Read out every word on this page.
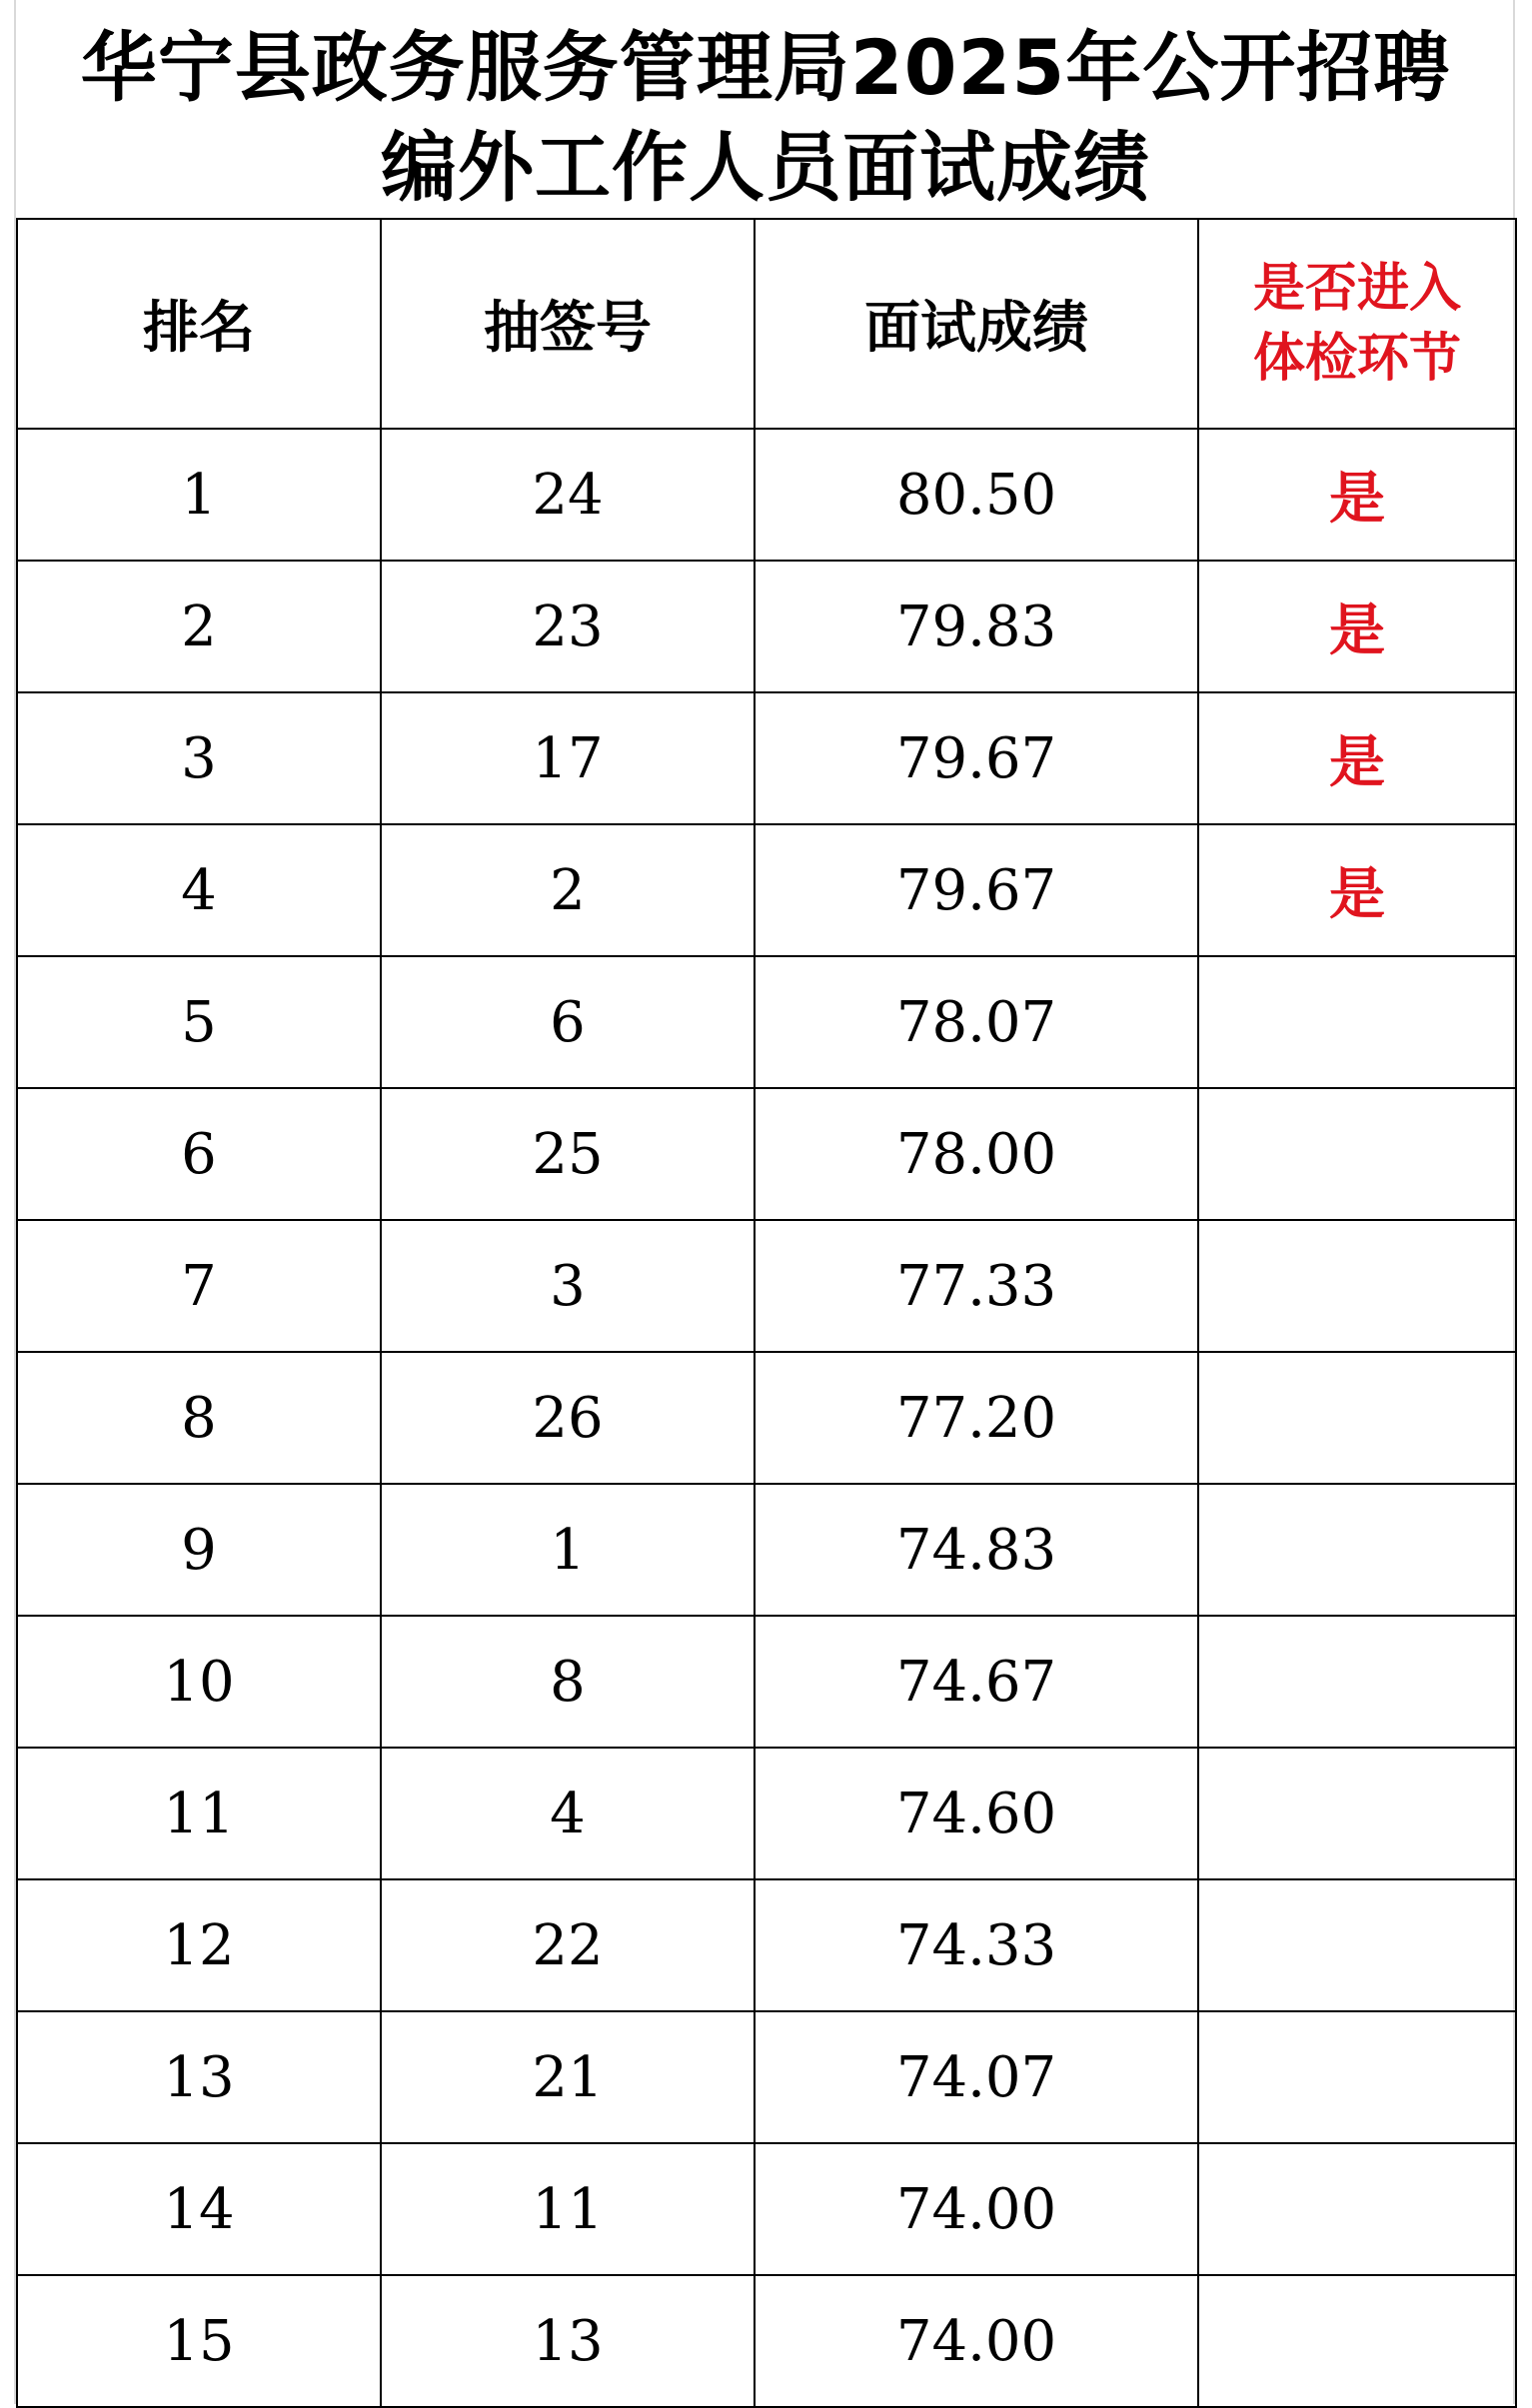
华宁县政务服务管理局2025年公开招聘
编外工作人员面试成绩
排名	抽签号	面试成绩	是否进入
体检环节

1	24	80.50	是
2	23	79.83	是
3	17	79.67	是
4	2	79.67	是
5	6	78.07	
6	25	78.00	
7	3	77.33	
8	26	77.20	
9	1	74.83	
10	8	74.67	
11	4	74.60	
12	22	74.33	
13	21	74.07	
14	11	74.00	
15	13	74.00	
